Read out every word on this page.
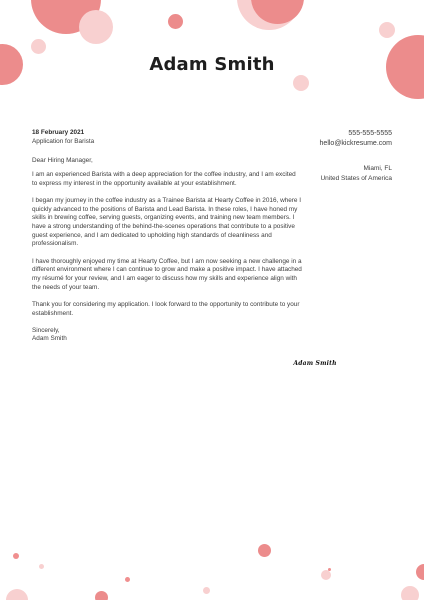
Adam Smith
18 February 2021
Application for Barista
555-555-5555
hello@kickresume.com
Miami, FL
United States of America

Dear Hiring Manager,

I am an experienced Barista with a deep appreciation for the coffee industry, and I am excited to express my interest in the opportunity available at your establishment.

I began my journey in the coffee industry as a Trainee Barista at Hearty Coffee in 2016, where I quickly advanced to the positions of Barista and Lead Barista. In these roles, I have honed my skills in brewing coffee, serving guests, organizing events, and training new team members. I have a strong understanding of the behind-the-scenes operations that contribute to a positive guest experience, and I am dedicated to upholding high standards of cleanliness and professionalism.

I have thoroughly enjoyed my time at Hearty Coffee, but I am now seeking a new challenge in a different environment where I can continue to grow and make a positive impact. I have attached my résumé for your review, and I am eager to discuss how my skills and experience align with the needs of your team.

Thank you for considering my application. I look forward to the opportunity to contribute to your establishment.

Sincerely,
Adam Smith

Adam Smith
